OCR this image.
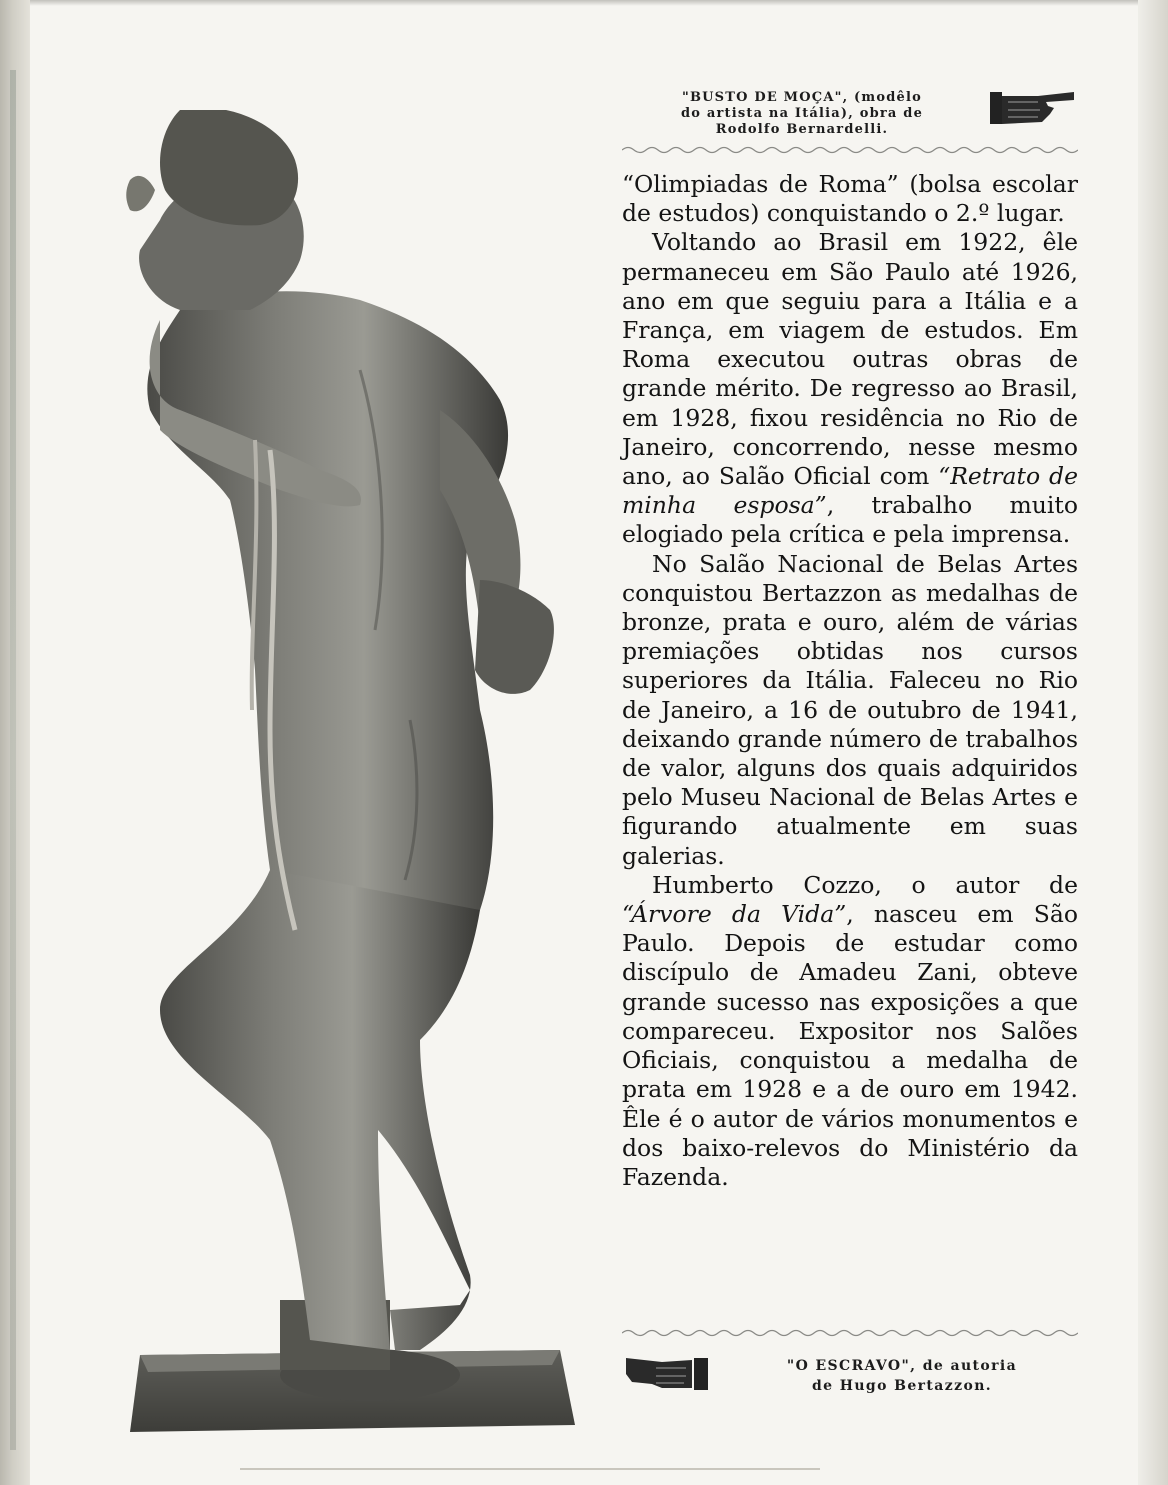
"BUSTO DE MOÇA", (modêlo
do artista na Itália), obra de
Rodolfo Bernardelli.

“Olimpiadas de Roma” (bolsa escolar de estudos) conquistando o 2.º lugar.

Voltando ao Brasil em 1922, êle permaneceu em São Paulo até 1926, ano em que seguiu para a Itália e a França, em viagem de estudos. Em Roma executou outras obras de grande mérito. De regresso ao Brasil, em 1928, fixou residência no Rio de Janeiro, concorrendo, nesse mesmo ano, ao Salão Oficial com “Retrato de minha esposa”, trabalho muito elogiado pela crítica e pela imprensa.

No Salão Nacional de Belas Artes conquistou Bertazzon as medalhas de bronze, prata e ouro, além de várias premiações obtidas nos cursos superiores da Itália. Faleceu no Rio de Janeiro, a 16 de outubro de 1941, deixando grande número de trabalhos de valor, alguns dos quais adquiridos pelo Museu Nacional de Belas Artes e figurando atualmente em suas galerias.

Humberto Cozzo, o autor de “Árvore da Vida”, nasceu em São Paulo. Depois de estudar como discípulo de Amadeu Zani, obteve grande sucesso nas exposições a que compareceu. Expositor nos Salões Oficiais, conquistou a medalha de prata em 1928 e a de ouro em 1942. Êle é o autor de vários monumentos e dos baixo-relevos do Ministério da Fazenda.

"O ESCRAVO", de autoria
de Hugo Bertazzon.
